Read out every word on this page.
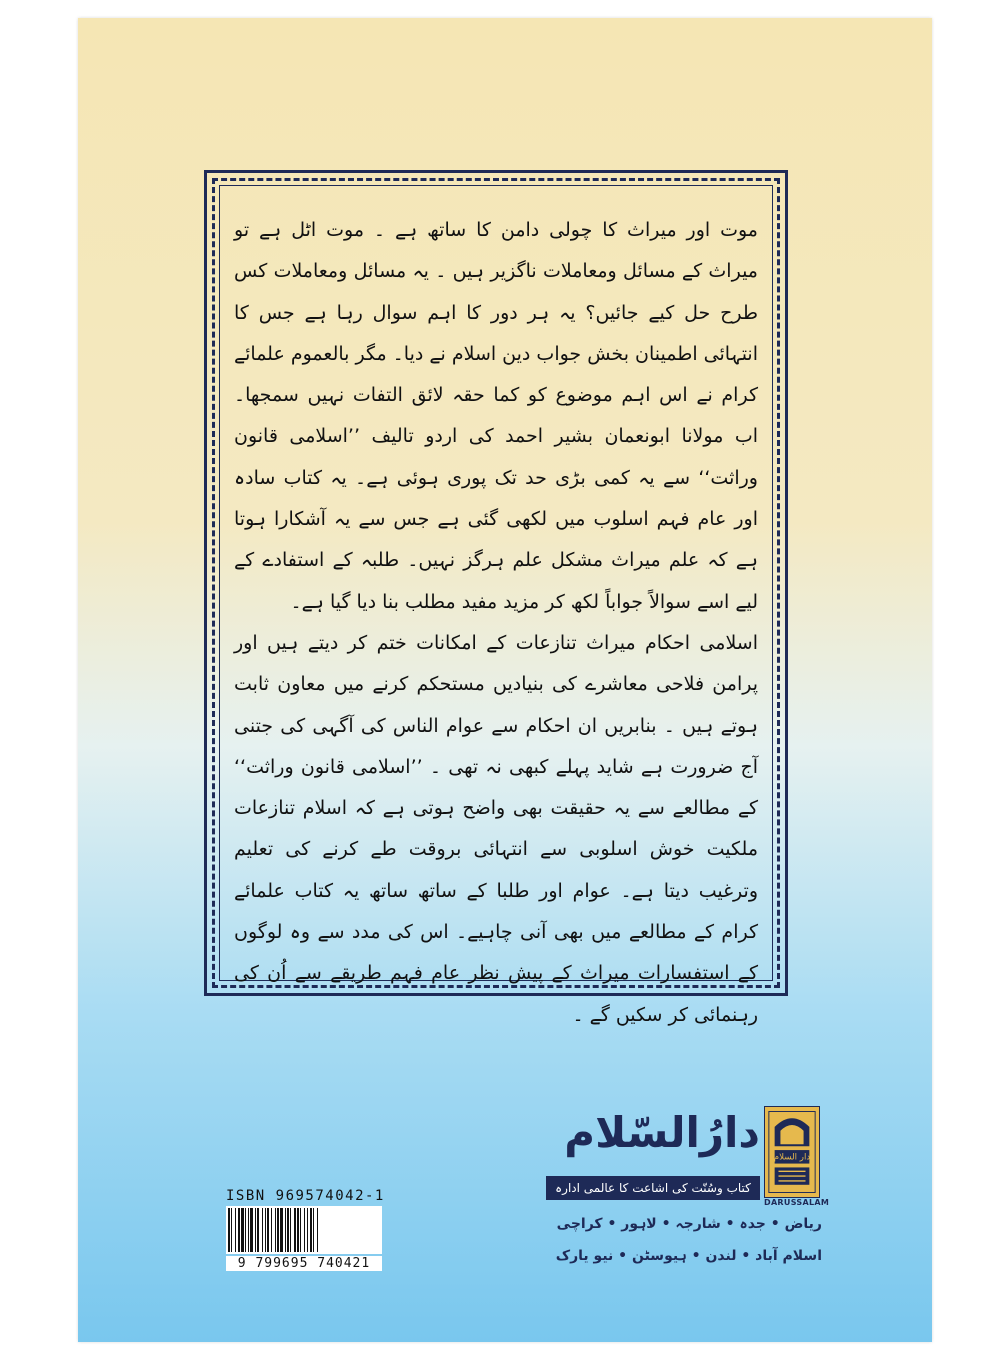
موت اور میراث کا چولی دامن کا ساتھ ہے ۔ موت اٹل ہے تو میراث کے مسائل ومعاملات ناگزیر ہیں ۔ یہ مسائل ومعاملات کس طرح حل کیے جائیں؟ یہ ہر دور کا اہم سوال رہا ہے جس کا انتہائی اطمینان بخش جواب دین اسلام نے دیا۔ مگر بالعموم علمائے کرام نے اس اہم موضوع کو کما حقہ لائق التفات نہیں سمجھا۔ اب مولانا ابونعمان بشیر احمد کی اردو تالیف ’’اسلامی قانون وراثت‘‘ سے یہ کمی بڑی حد تک پوری ہوئی ہے۔ یہ کتاب سادہ اور عام فہم اسلوب میں لکھی گئی ہے جس سے یہ آشکارا ہوتا ہے کہ علم میراث مشکل علم ہرگز نہیں۔ طلبہ کے استفادے کے لیے اسے سوالاً جواباً لکھ کر مزید مفید مطلب بنا دیا گیا ہے۔

اسلامی احکام میراث تنازعات کے امکانات ختم کر دیتے ہیں اور پرامن فلاحی معاشرے کی بنیادیں مستحکم کرنے میں معاون ثابت ہوتے ہیں ۔ بنابریں ان احکام سے عوام الناس کی آگہی کی جتنی آج ضرورت ہے شاید پہلے کبھی نہ تھی ۔ ’’اسلامی قانون وراثت‘‘ کے مطالعے سے یہ حقیقت بھی واضح ہوتی ہے کہ اسلام تنازعات ملکیت خوش اسلوبی سے انتہائی بروقت طے کرنے کی تعلیم وترغیب دیتا ہے۔ عوام اور طلبا کے ساتھ ساتھ یہ کتاب علمائے کرام کے مطالعے میں بھی آنی چاہیے۔ اس کی مدد سے وہ لوگوں کے استفسارات میراث کے پیش نظر عام فہم طریقے سے اُن کی رہنمائی کر سکیں گے ۔

ISBN 969574042-1
9 799695 740421
دارُالسّلام
کتاب وسُنّت کی اشاعت کا عالمی ادارہ
دار السلام
DARUSSALAM
ریاض • جدہ • شارجہ • لاہور • کراچی
اسلام آباد • لندن • ہیوسٹن • نیو یارک
